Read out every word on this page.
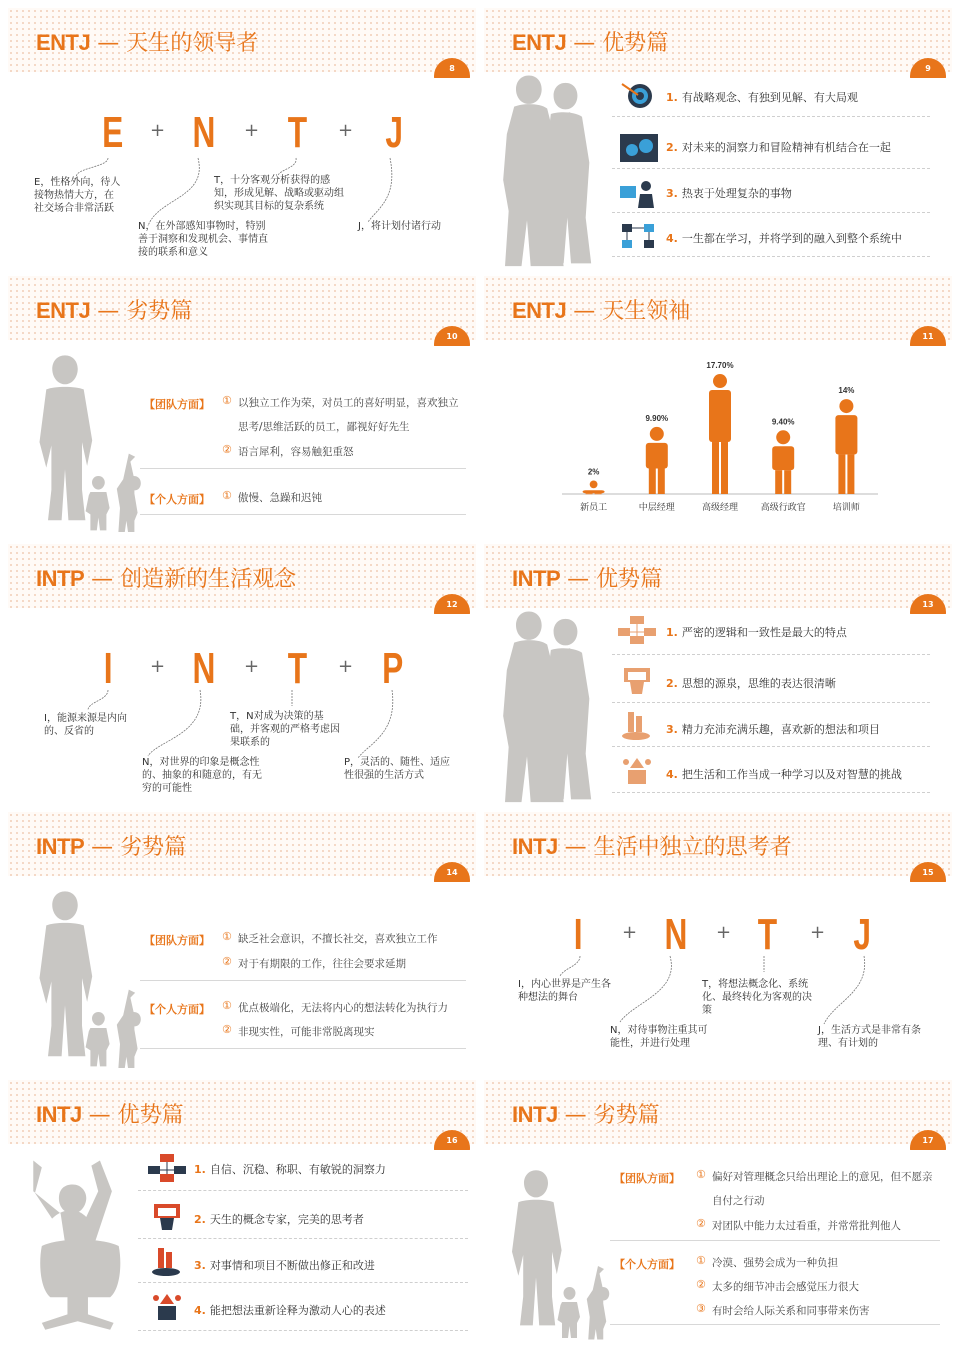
ENTJ — 天生的领导者
8
E + N + T + J
E，性格外向，待人接物热情大方，在社交场合非常活跃
N，在外部感知事物时，特别善于洞察和发现机会、事情直接的联系和意义
T，十分客观分析获得的感知，形成见解、战略或驱动组织实现其目标的复杂系统
J，将计划付诸行动
ENTJ — 优势篇
9
1. 有战略观念、有独到见解、有大局观
2. 对未来的洞察力和冒险精神有机结合在一起
3. 热衷于处理复杂的事物
4. 一生都在学习，并将学到的融入到整个系统中
ENTJ — 劣势篇
10
【团队方面】 ① 以独立工作为荣，对员工的喜好明显，喜欢独立
思考/思维活跃的员工，鄙视好好先生
② 语言犀利，容易触犯重怒
【个人方面】 ① 傲慢、急躁和迟钝
ENTJ — 天生领袖
11
2%
新员工
9.90%
中层经理
17.70%
高级经理
9.40%
高级行政官
14%
培训师
INTP — 创造新的生活观念
12
I + N + T + P
I，能源来源是内向的、反省的
N，对世界的印象是概念性的、抽象的和随意的，有无穷的可能性
T，N对成为决策的基础，并客观的严格考虑因果联系的
P，灵活的、随性、适应性很强的生活方式
INTP — 优势篇
13
1. 严密的逻辑和一致性是最大的特点
2. 思想的源泉，思维的表达很清晰
3. 精力充沛充满乐趣，喜欢新的想法和项目
4. 把生活和工作当成一种学习以及对智慧的挑战
INTP — 劣势篇
14
【团队方面】 ① 缺乏社会意识，不擅长社交，喜欢独立工作
② 对于有期限的工作，往往会要求延期
【个人方面】 ① 优点极端化，无法将内心的想法转化为执行力
② 非现实性，可能非常脱离现实
INTJ — 生活中独立的思考者
15
I + N + T + J
I，内心世界是产生各种想法的舞台
N，对待事物注重其可能性，并进行处理
T，将想法概念化、系统化、最终转化为客观的决策
J，生活方式是非常有条理、有计划的
INTJ — 优势篇
16
1. 自信、沉稳、称职、有敏锐的洞察力
2. 天生的概念专家，完美的思考者
3. 对事情和项目不断做出修正和改进
4. 能把想法重新诠释为激动人心的表述
INTJ — 劣势篇
17
【团队方面】 ① 偏好对管理概念只给出理论上的意见，但不愿亲
自付之行动
② 对团队中能力太过看重，并常常批判他人
【个人方面】 ① 冷漠、强势会成为一种负担
② 太多的细节冲击会感觉压力很大
③ 有时会给人际关系和同事带来伤害
